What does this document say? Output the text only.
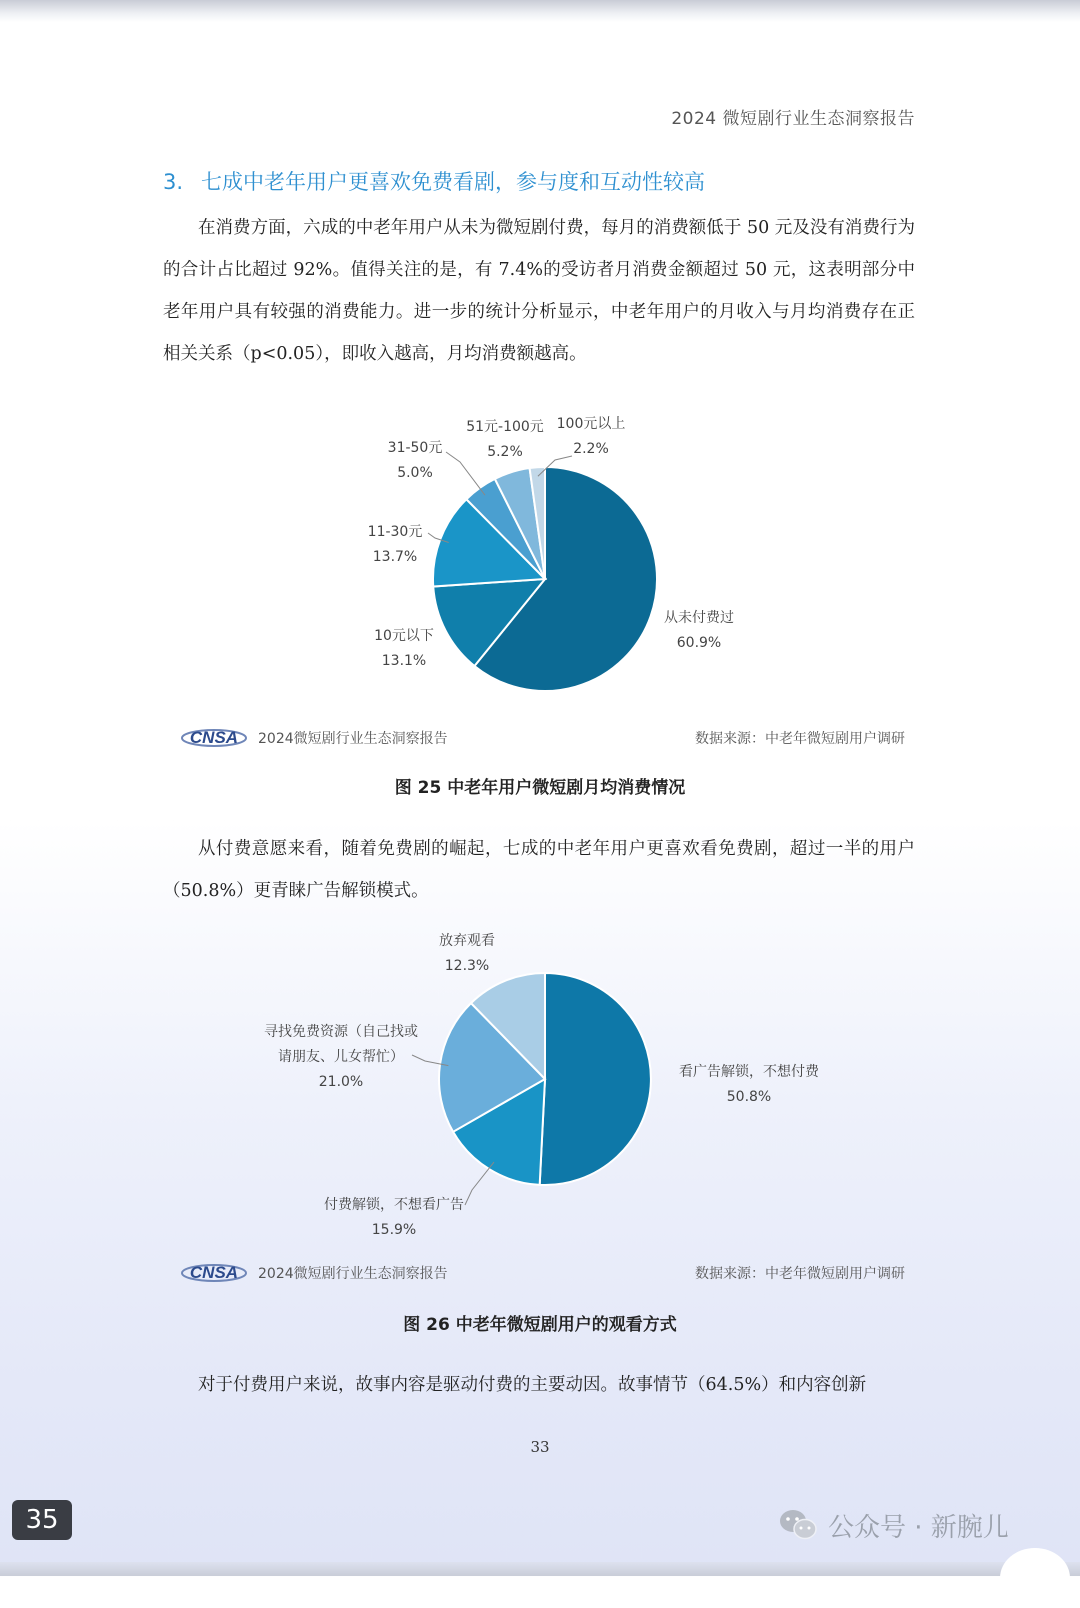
2024 微短剧行业生态洞察报告
3. 七成中老年用户更喜欢免费看剧，参与度和互动性较高
在消费方面，六成的中老年用户从未为微短剧付费，每月的消费额低于 50 元及没有消费行为的合计占比超过 92%。值得关注的是，有 7.4%的受访者月消费金额超过 50 元，这表明部分中老年用户具有较强的消费能力。进一步的统计分析显示，中老年用户的月收入与月均消费存在正相关关系（p<0.05），即收入越高，月均消费额越高。
从未付费过
60.9%
10元以下
13.1%
11-30元
13.7%
31-50元
5.0%
51元-100元
5.2%
100元以上
2.2%
CNSA 2024微短剧行业生态洞察报告	数据来源：中老年微短剧用户调研
图 25 中老年用户微短剧月均消费情况
从付费意愿来看，随着免费剧的崛起，七成的中老年用户更喜欢看免费剧，超过一半的用户（50.8%）更青睐广告解锁模式。
看广告解锁，不想付费
50.8%
付费解锁，不想看广告
15.9%
寻找免费资源（自己找或
请朋友、儿女帮忙）
21.0%
放弃观看
12.3%
CNSA 2024微短剧行业生态洞察报告	数据来源：中老年微短剧用户调研
图 26 中老年微短剧用户的观看方式
对于付费用户来说，故事内容是驱动付费的主要动因。故事情节（64.5%）和内容创新
33
35	公众号 · 新腕儿
